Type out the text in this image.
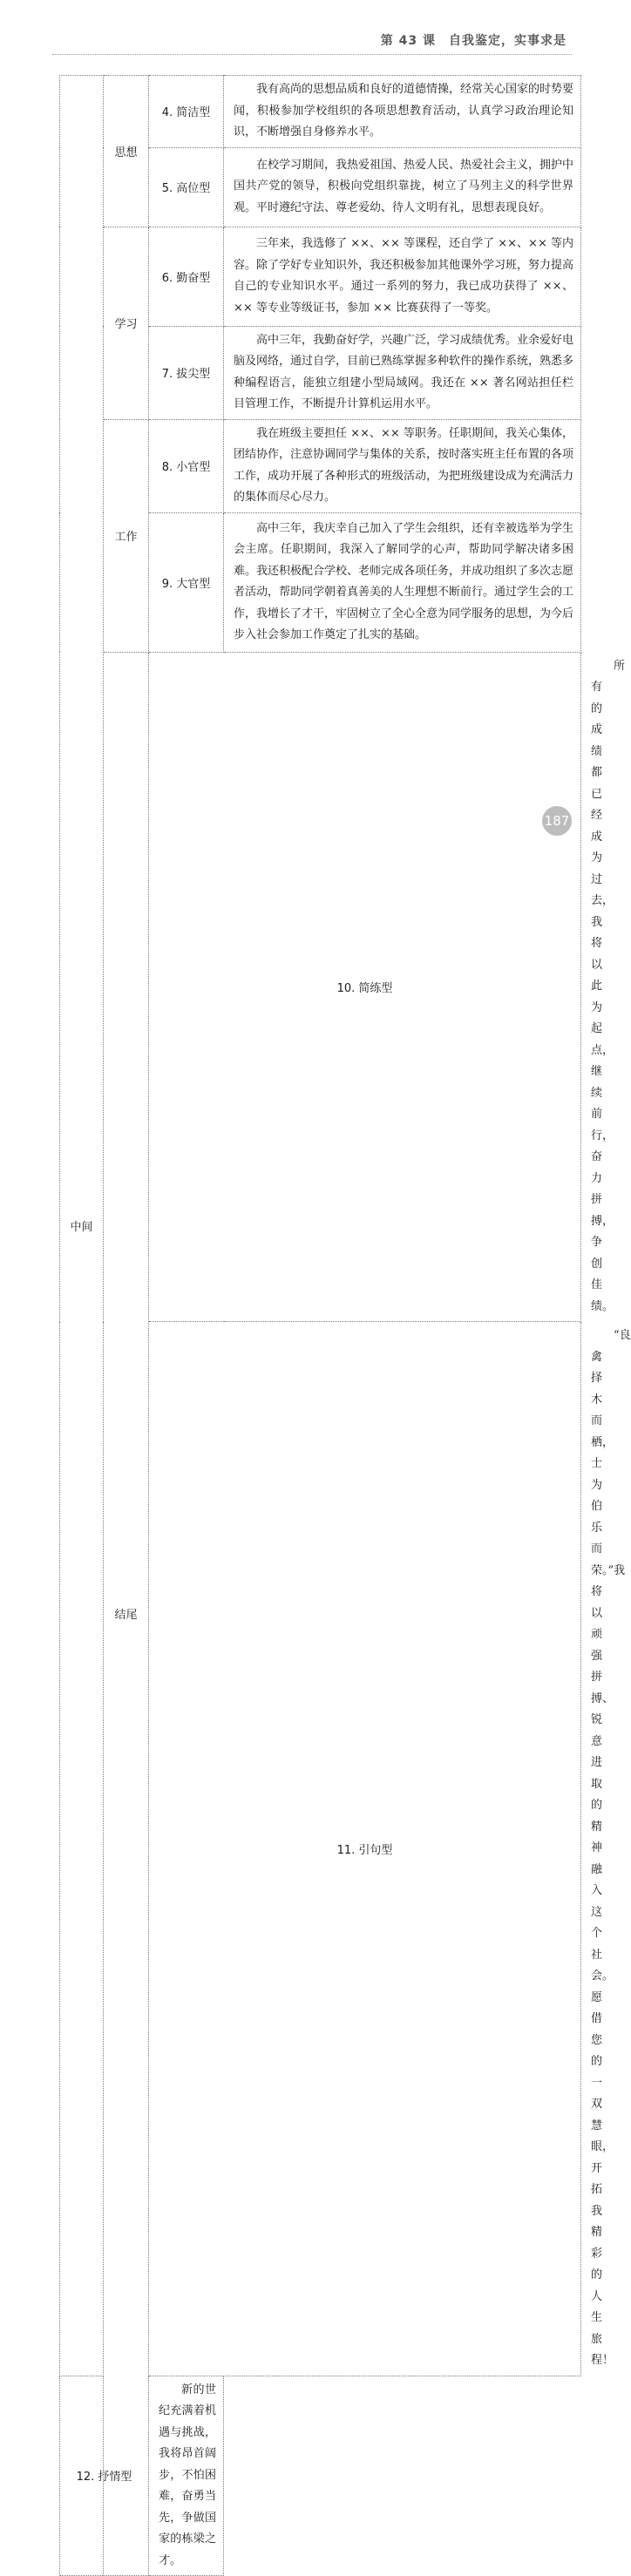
第 43 课　自我鉴定，实事求是
中间	思想	4. 简洁型	我有高尚的思想品质和良好的道德情操，经常关心国家的时势要闻，积极参加学校组织的各项思想教育活动，认真学习政治理论知识，不断增强自身修养水平。	

		5. 高位型	在校学习期间，我热爱祖国、热爱人民、热爱社会主义，拥护中国共产党的领导，积极向党组织靠拢，树立了马列主义的科学世界观。平时遵纪守法、尊老爱幼、待人文明有礼，思想表现良好。	

	学习	6. 勤奋型	三年来，我选修了 ××、×× 等课程，还自学了 ××、×× 等内容。除了学好专业知识外，我还积极参加其他课外学习班，努力提高自己的专业知识水平。通过一系列的努力，我已成功获得了 ××、×× 等专业等级证书，参加 ×× 比赛获得了一等奖。	

		7. 拔尖型	高中三年，我勤奋好学，兴趣广泛，学习成绩优秀。业余爱好电脑及网络，通过自学，目前已熟练掌握多种软件的操作系统，熟悉多种编程语言，能独立组建小型局域网。我还在 ×× 著名网站担任栏目管理工作，不断提升计算机运用水平。	

	工作	8. 小官型	我在班级主要担任 ××、×× 等职务。任职期间，我关心集体，团结协作，注意协调同学与集体的关系，按时落实班主任布置的各项工作，成功开展了各种形式的班级活动，为把班级建设成为充满活力的集体而尽心尽力。	

		9. 大官型	高中三年，我庆幸自己加入了学生会组织，还有幸被选举为学生会主席。任职期间，我深入了解同学的心声，帮助同学解决诸多困难。我还积极配合学校、老师完成各项任务，并成功组织了多次志愿者活动，帮助同学朝着真善美的人生理想不断前行。通过学生会的工作，我增长了才干，牢固树立了全心全意为同学服务的思想，为今后步入社会参加工作奠定了扎实的基础。	

	结尾	10. 简练型		所有的成绩都已经成为过去，我将以此为起点，继续前行，奋力拼搏，争创佳绩。

		11. 引句型		“良禽择木而栖，士为伯乐而荣。”我将以顽强拼搏、锐意进取的精神融入这个社会。愿借您的一双慧眼，开拓我精彩的人生旅程！

12. 抒情型		新的世纪充满着机遇与挑战，我将昂首阔步，不怕困难，奋勇当先，争做国家的栋梁之才。		

187
